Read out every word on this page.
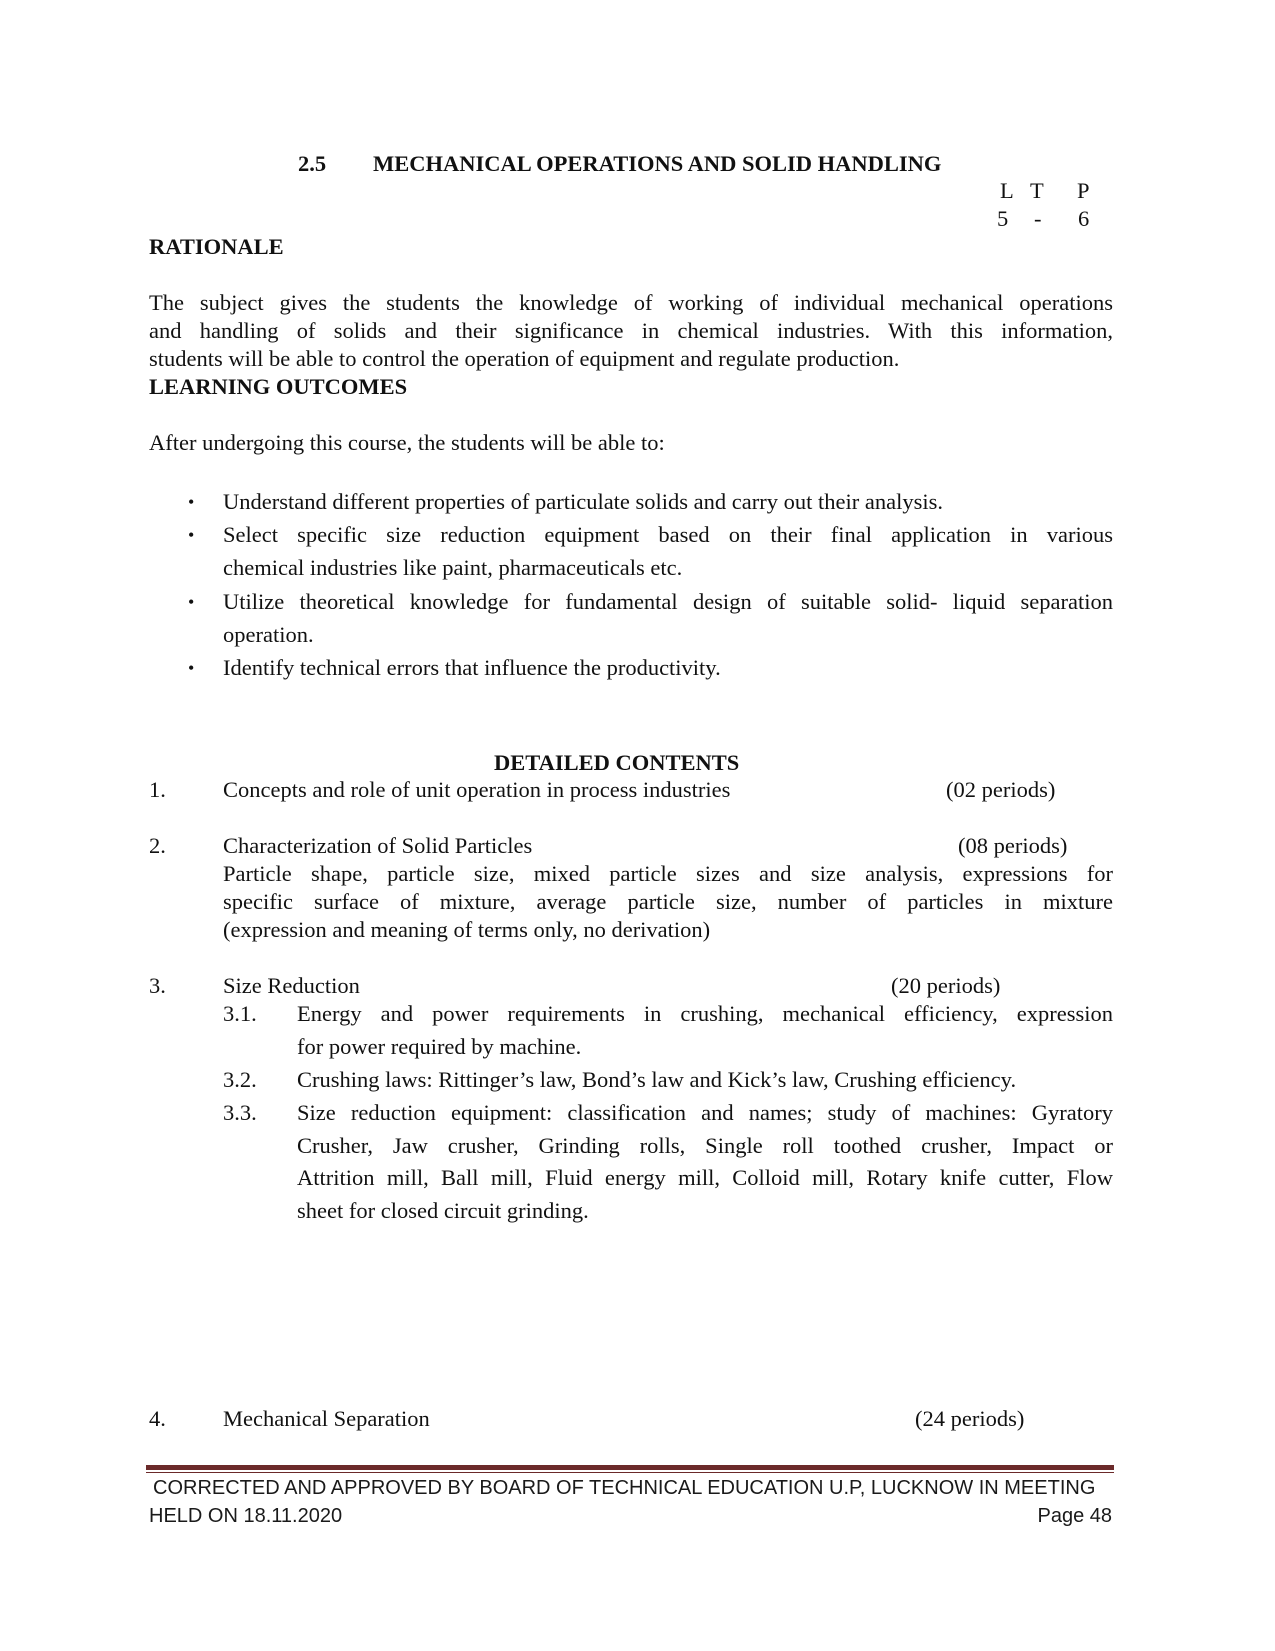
2.5 MECHANICAL OPERATIONS AND SOLID HANDLING
L T P
5 - 6
RATIONALE
The subject gives the students the knowledge of working of individual mechanical operations
and handling of solids and their significance in chemical industries. With this information,
students will be able to control the operation of equipment and regulate production.
LEARNING OUTCOMES
After undergoing this course, the students will be able to:
• Understand different properties of particulate solids and carry out their analysis.
• Select specific size reduction equipment based on their final application in various
chemical industries like paint, pharmaceuticals etc.
• Utilize theoretical knowledge for fundamental design of suitable solid- liquid separation
operation.
• Identify technical errors that influence the productivity.
DETAILED CONTENTS
1.	Concepts and role of unit operation in process industries	(02 periods)
2.	Characterization of Solid Particles	(08 periods)
Particle shape, particle size, mixed particle sizes and size analysis, expressions for
specific surface of mixture, average particle size, number of particles in mixture
(expression and meaning of terms only, no derivation)
3.	Size Reduction	(20 periods)
3.1. Energy and power requirements in crushing, mechanical efficiency, expression
for power required by machine.
3.2. Crushing laws: Rittinger’s law, Bond’s law and Kick’s law, Crushing efficiency.
3.3. Size reduction equipment: classification and names; study of machines: Gyratory
Crusher, Jaw crusher, Grinding rolls, Single roll toothed crusher, Impact or
Attrition mill, Ball mill, Fluid energy mill, Colloid mill, Rotary knife cutter, Flow
sheet for closed circuit grinding.
4.	Mechanical Separation	(24 periods)
CORRECTED AND APPROVED BY BOARD OF TECHNICAL EDUCATION U.P, LUCKNOW IN MEETING
HELD ON 18.11.2020	Page 48
